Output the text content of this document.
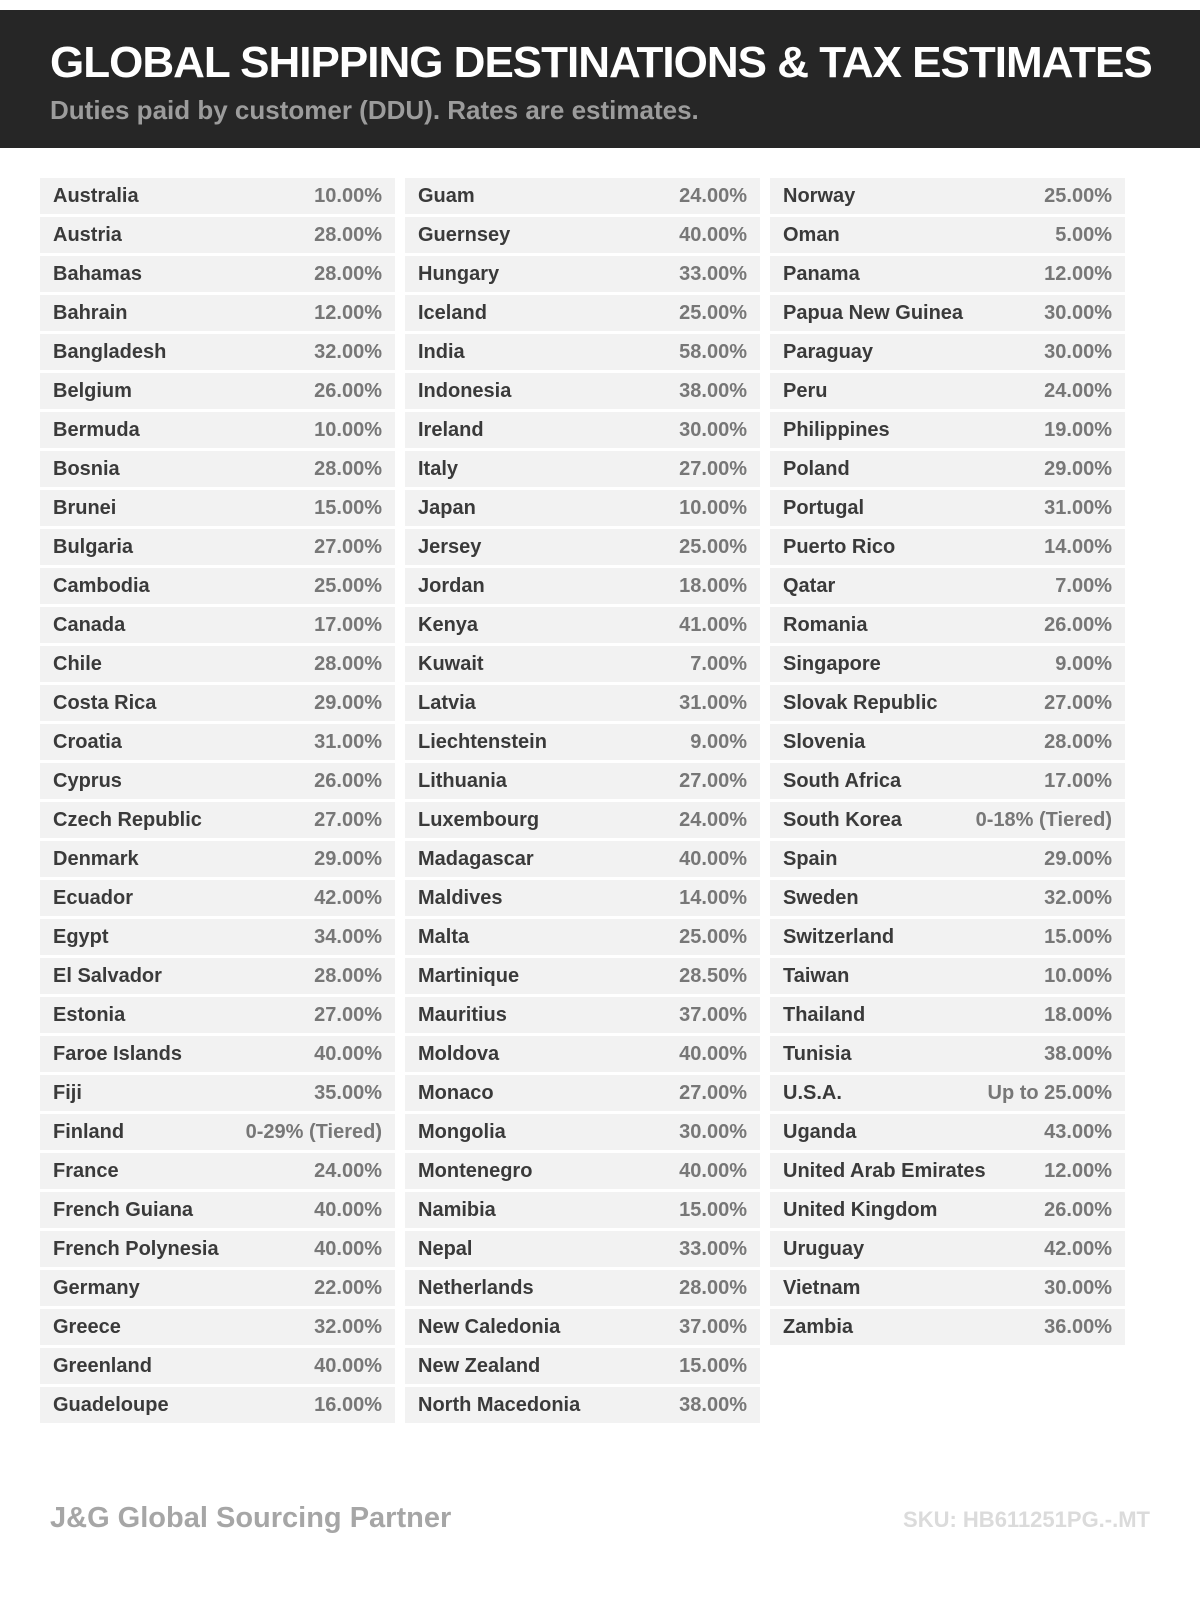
GLOBAL SHIPPING DESTINATIONS & TAX ESTIMATES
Duties paid by customer (DDU). Rates are estimates.
Australia	10.00%
Austria	28.00%
Bahamas	28.00%
Bahrain	12.00%
Bangladesh	32.00%
Belgium	26.00%
Bermuda	10.00%
Bosnia	28.00%
Brunei	15.00%
Bulgaria	27.00%
Cambodia	25.00%
Canada	17.00%
Chile	28.00%
Costa Rica	29.00%
Croatia	31.00%
Cyprus	26.00%
Czech Republic	27.00%
Denmark	29.00%
Ecuador	42.00%
Egypt	34.00%
El Salvador	28.00%
Estonia	27.00%
Faroe Islands	40.00%
Fiji	35.00%
Finland	0-29% (Tiered)
France	24.00%
French Guiana	40.00%
French Polynesia	40.00%
Germany	22.00%
Greece	32.00%
Greenland	40.00%
Guadeloupe	16.00%
Guam	24.00%
Guernsey	40.00%
Hungary	33.00%
Iceland	25.00%
India	58.00%
Indonesia	38.00%
Ireland	30.00%
Italy	27.00%
Japan	10.00%
Jersey	25.00%
Jordan	18.00%
Kenya	41.00%
Kuwait	7.00%
Latvia	31.00%
Liechtenstein	9.00%
Lithuania	27.00%
Luxembourg	24.00%
Madagascar	40.00%
Maldives	14.00%
Malta	25.00%
Martinique	28.50%
Mauritius	37.00%
Moldova	40.00%
Monaco	27.00%
Mongolia	30.00%
Montenegro	40.00%
Namibia	15.00%
Nepal	33.00%
Netherlands	28.00%
New Caledonia	37.00%
New Zealand	15.00%
North Macedonia	38.00%
Norway	25.00%
Oman	5.00%
Panama	12.00%
Papua New Guinea	30.00%
Paraguay	30.00%
Peru	24.00%
Philippines	19.00%
Poland	29.00%
Portugal	31.00%
Puerto Rico	14.00%
Qatar	7.00%
Romania	26.00%
Singapore	9.00%
Slovak Republic	27.00%
Slovenia	28.00%
South Africa	17.00%
South Korea	0-18% (Tiered)
Spain	29.00%
Sweden	32.00%
Switzerland	15.00%
Taiwan	10.00%
Thailand	18.00%
Tunisia	38.00%
U.S.A.	Up to 25.00%
Uganda	43.00%
United Arab Emirates	12.00%
United Kingdom	26.00%
Uruguay	42.00%
Vietnam	30.00%
Zambia	36.00%
J&G Global Sourcing Partner	SKU: HB611251PG.-.MT
